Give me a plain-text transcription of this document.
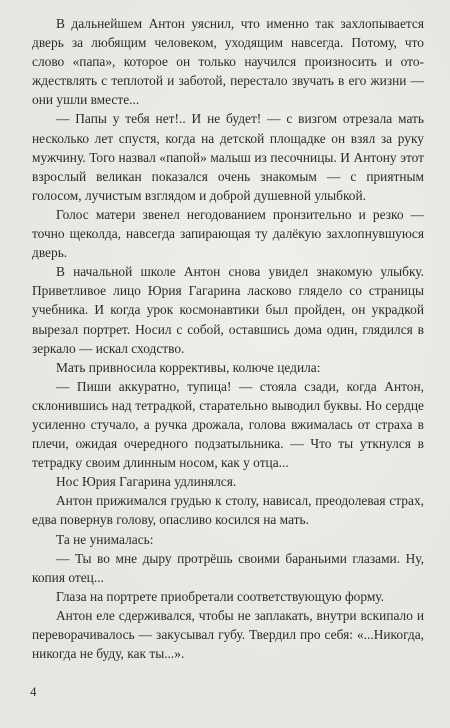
В дальнейшем Антон уяснил, что именно так захлопывается дверь за любящим человеком, уходящим навсегда. Потому, что слово «папа», которое он только научился произносить и отождествлять с теплотой и заботой, перестало звучать в его жизни — они ушли вместе...

— Папы у тебя нет!.. И не будет! — с визгом отрезала мать несколько лет спустя, когда на детской площадке он взял за руку мужчину. Того назвал «папой» малыш из песочницы. И Антону этот взрослый великан показался очень знакомым — с приятным голосом, лучистым взглядом и доброй душевной улыбкой.

Голос матери звенел негодованием пронзительно и резко — точно щеколда, навсегда запирающая ту далёкую захлопнувшуюся дверь.

В начальной школе Антон снова увидел знакомую улыбку. Приветливое лицо Юрия Гагарина ласково глядело со страницы учебника. И когда урок космонавтики был пройден, он украдкой вырезал портрет. Носил с собой, оставшись дома один, глядился в зеркало — искал сходство.

Мать привносила коррективы, колюче цедила:

— Пиши аккуратно, тупица! — стояла сзади, когда Антон, склонившись над тетрадкой, старательно выводил буквы. Но сердце усиленно стучало, а ручка дрожала, голова вжималась от страха в плечи, ожидая очередного подзатыльника. — Что ты уткнулся в тетрадку своим длинным носом, как у отца...

Нос Юрия Гагарина удлинялся.

Антон прижимался грудью к столу, нависал, преодолевая страх, едва повернув голову, опасливо косился на мать.

Та не унималась:

— Ты во мне дыру протрёшь своими бараньими глазами. Ну, копия отец...

Глаза на портрете приобретали соответствующую форму.

Антон еле сдерживался, чтобы не заплакать, внутри вскипало и переворачивалось — закусывал губу. Твердил про себя: «...Никогда, никогда не буду, как ты...».

4
